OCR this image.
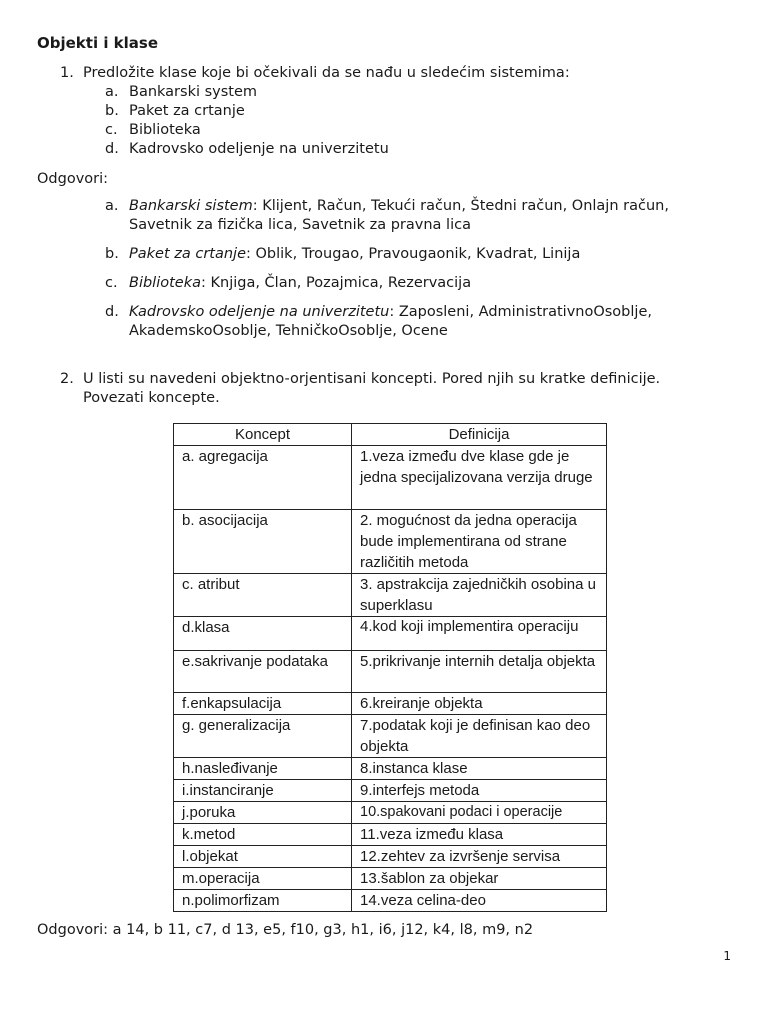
Objekti i klase
1. Predložite klase koje bi očekivali da se nađu u sledećim sistemima:
a. Bankarski system
b. Paket za crtanje
c. Biblioteka
d. Kadrovsko odeljenje na univerzitetu
Odgovori:
a. Bankarski sistem: Klijent, Račun, Tekući račun, Štedni račun, Onlajn račun,
Savetnik za fizička lica, Savetnik za pravna lica
b. Paket za crtanje: Oblik, Trougao, Pravougaonik, Kvadrat, Linija
c. Biblioteka: Knjiga, Član, Pozajmica, Rezervacija
d. Kadrovsko odeljenje na univerzitetu: Zaposleni, AdministrativnoOsoblje,
AkademskoOsoblje, TehničkoOsoblje, Ocene
2. U listi su navedeni objektno-orjentisani koncepti. Pored njih su kratke definicije.
Povezati koncepte.
Koncept	Definicija
a. agregacija	1.veza između dve klase gde je jedna specijalizovana verzija druge
b. asocijacija	2. mogućnost da jedna operacija bude implementirana od strane različitih metoda
c. atribut	3. apstrakcija zajedničkih osobina u superklasu
d.klasa	4.kod koji implementira operaciju
e.sakrivanje podataka	5.prikrivanje internih detalja objekta
f.enkapsulacija	6.kreiranje objekta
g. generalizacija	7.podatak koji je definisan kao deo objekta
h.nasleđivanje	8.instanca klase
i.instanciranje	9.interfejs metoda
j.poruka	10.spakovani podaci i operacije
k.metod	11.veza između klasa
l.objekat	12.zehtev za izvršenje servisa
m.operacija	13.šablon za objekar
n.polimorfizam	14.veza celina-deo
Odgovori: a 14, b 11, c7, d 13, e5, f10, g3, h1, i6, j12, k4, l8, m9, n2
1
